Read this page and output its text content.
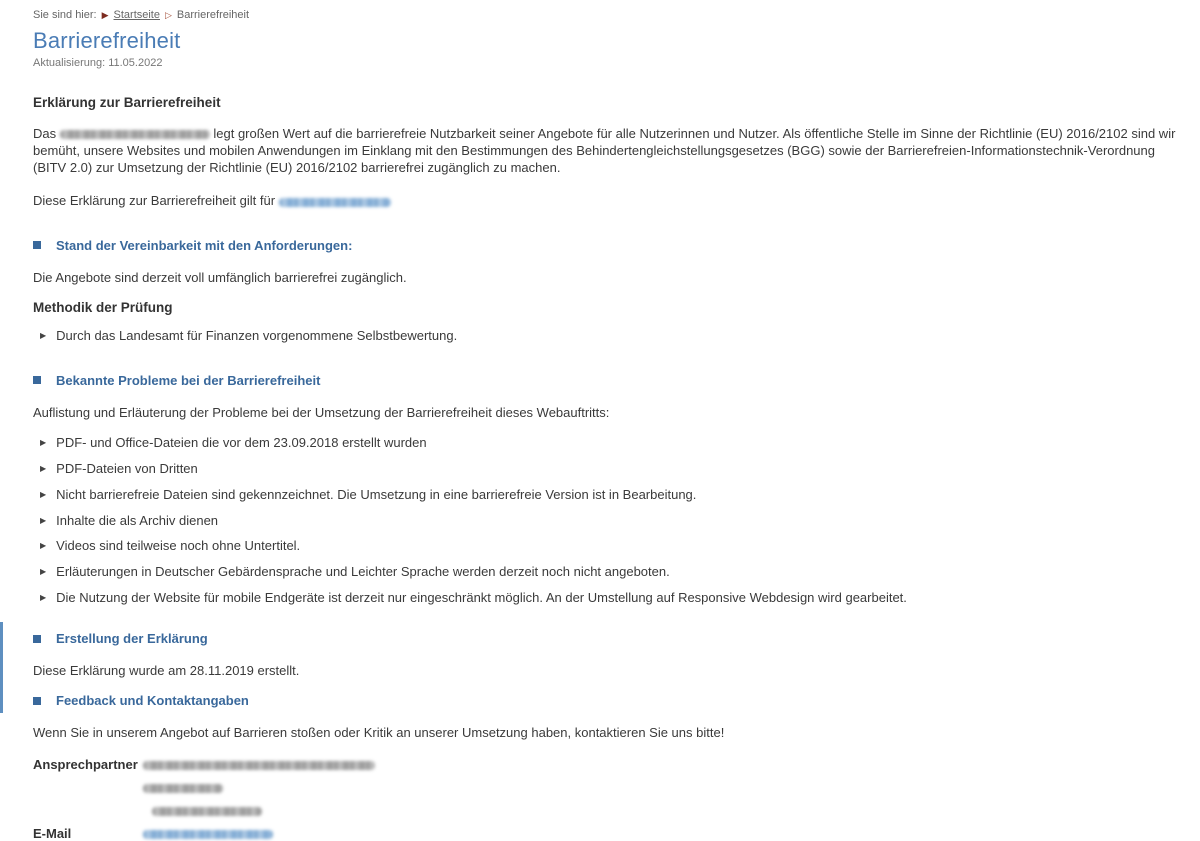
Sie sind hier: ▶ Startseite ▷ Barrierefreiheit
Barrierefreiheit
Aktualisierung: 11.05.2022
Erklärung zur Barrierefreiheit

Das	legt großen Wert auf die barrierefreie Nutzbarkeit seiner Angebote für alle Nutzerinnen und Nutzer. Als öffentliche Stelle im Sinne der Richtlinie (EU) 2016/2102 sind wir bemüht, unsere Websites und mobilen Anwendungen im Einklang mit den Bestimmungen des Behindertengleichstellungsgesetzes (BGG) sowie der Barrierefreien-Informationstechnik-Verordnung (BITV 2.0) zur Umsetzung der Richtlinie (EU) 2016/2102 barrierefrei zugänglich zu machen.

Diese Erklärung zur Barrierefreiheit gilt für

Stand der Vereinbarkeit mit den Anforderungen:

Die Angebote sind derzeit voll umfänglich barrierefrei zugänglich.

Methodik der Prüfung
▶ Durch das Landesamt für Finanzen vorgenommene Selbstbewertung.
Bekannte Probleme bei der Barrierefreiheit

Auflistung und Erläuterung der Probleme bei der Umsetzung der Barrierefreiheit dieses Webauftritts:

▶ PDF- und Office-Dateien die vor dem 23.09.2018 erstellt wurden
▶ PDF-Dateien von Dritten
▶ Nicht barrierefreie Dateien sind gekennzeichnet. Die Umsetzung in eine barrierefreie Version ist in Bearbeitung.
▶ Inhalte die als Archiv dienen
▶ Videos sind teilweise noch ohne Untertitel.
▶ Erläuterungen in Deutscher Gebärdensprache und Leichter Sprache werden derzeit noch nicht angeboten.
▶ Die Nutzung der Website für mobile Endgeräte ist derzeit nur eingeschränkt möglich. An der Umstellung auf Responsive Webdesign wird gearbeitet.
Erstellung der Erklärung

Diese Erklärung wurde am 28.11.2019 erstellt.

Feedback und Kontaktangaben

Wenn Sie in unserem Angebot auf Barrieren stoßen oder Kritik an unserer Umsetzung haben, kontaktieren Sie uns bitte!

Ansprechpartner
E-Mail
